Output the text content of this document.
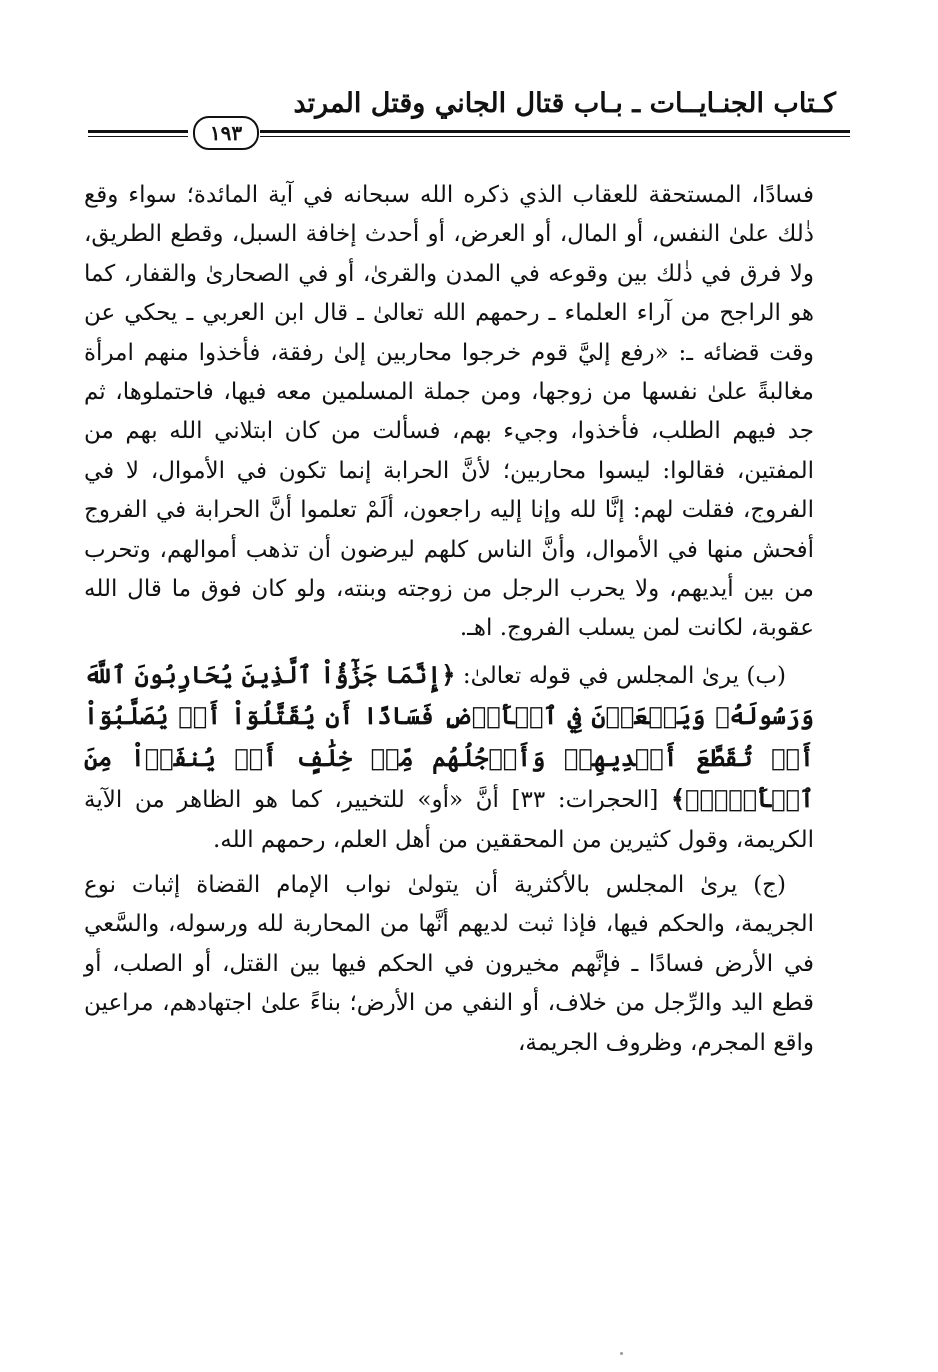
كـتاب الجنـايــات ـ بـاب قتال الجاني وقتل المرتد
١٩٣

فسادًا، المستحقة للعقاب الذي ذكره الله سبحانه في آية المائدة؛ سواء وقع ذٰلك علىٰ النفس، أو المال، أو العرض، أو أحدث إخافة السبل، وقطع الطريق، ولا فرق في ذٰلك بين وقوعه في المدن والقرىٰ، أو في الصحارىٰ والقفار، كما هو الراجح من آراء العلماء ـ رحمهم الله تعالىٰ ـ قال ابن العربي ـ يحكي عن وقت قضائه ـ: «رفع إليَّ قوم خرجوا محاربين إلىٰ رفقة، فأخذوا منهم امرأة مغالبةً علىٰ نفسها من زوجها، ومن جملة المسلمين معه فيها، فاحتملوها، ثم جد فيهم الطلب، فأخذوا، وجيء بهم، فسألت من كان ابتلاني الله بهم من المفتين، فقالوا: ليسوا محاربين؛ لأنَّ الحرابة إنما تكون في الأموال، لا في الفروج، فقلت لهم: إنَّا لله وإنا إليه راجعون، ألَمْ تعلموا أنَّ الحرابة في الفروج أفحش منها في الأموال، وأنَّ الناس كلهم ليرضون أن تذهب أموالهم، وتحرب من بين أيديهم، ولا يحرب الرجل من زوجته وبنته، ولو كان فوق ما قال الله عقوبة، لكانت لمن يسلب الفروج. اهـ.

(ب) يرىٰ المجلس في قوله تعالىٰ: ﴿إِنَّمَا جَزَٰٓؤُاْ ٱلَّذِينَ يُحَارِبُونَ ٱللَّهَ وَرَسُولَهُۥ وَيَسۡعَوۡنَ فِي ٱلۡأَرۡضِ فَسَادًا أَن يُقَتَّلُوٓاْ أَوۡ يُصَلَّبُوٓاْ أَوۡ تُقَطَّعَ أَيۡدِيهِمۡ وَأَرۡجُلُهُم مِّنۡ خِلَٰفٍ أَوۡ يُنفَوۡاْ مِنَ ٱلۡأَرۡضِۚ﴾ [الحجرات: ٣٣] أنَّ «أو» للتخيير، كما هو الظاهر من الآية الكريمة، وقول كثيرين من المحققين من أهل العلم، رحمهم الله.

(ج) يرىٰ المجلس بالأكثرية أن يتولىٰ نواب الإمام القضاة إثبات نوع الجريمة، والحكم فيها، فإذا ثبت لديهم أنَّها من المحاربة لله ورسوله، والسَّعي في الأرض فسادًا ـ فإنَّهم مخيرون في الحكم فيها بين القتل، أو الصلب، أو قطع اليد والرِّجل من خلاف، أو النفي من الأرض؛ بناءً علىٰ اجتهادهم، مراعين واقع المجرم، وظروف الجريمة،
